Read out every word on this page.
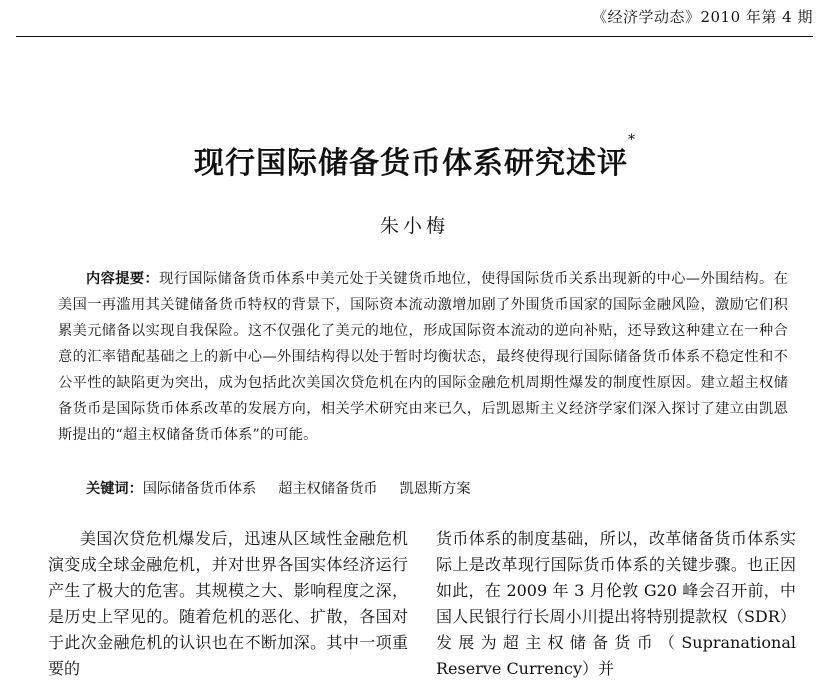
《经济学动态》2010 年第 4 期
现行国际储备货币体系研究述评*
朱小梅
内容提要：现行国际储备货币体系中美元处于关键货币地位，使得国际货币关系出现新的中心—外围结构。在美国一再滥用其关键储备货币特权的背景下，国际资本流动激增加剧了外围货币国家的国际金融风险，激励它们积累美元储备以实现自我保险。这不仅强化了美元的地位，形成国际资本流动的逆向补贴，还导致这种建立在一种合意的汇率错配基础之上的新中心—外围结构得以处于暂时均衡状态，最终使得现行国际储备货币体系不稳定性和不公平性的缺陷更为突出，成为包括此次美国次贷危机在内的国际金融危机周期性爆发的制度性原因。建立超主权储备货币是国际货币体系改革的发展方向，相关学术研究由来已久，后凯恩斯主义经济学家们深入探讨了建立由凯恩斯提出的“超主权储备货币体系”的可能。
关键词：国际储备货币体系 超主权储备货币 凯恩斯方案
美国次贷危机爆发后，迅速从区域性金融危机演变成全球金融危机，并对世界各国实体经济运行产生了极大的危害。其规模之大、影响程度之深，是历史上罕见的。随着危机的恶化、扩散，各国对于此次金融危机的认识也在不断加深。其中一项重要的
货币体系的制度基础，所以，改革储备货币体系实际上是改革现行国际货币体系的关键步骤。也正因如此，在 2009 年 3 月伦敦 G20 峰会召开前，中国人民银行行长周小川提出将特别提款权（SDR）发展为超主权储备货币（Supranational Reserve Currency）并
